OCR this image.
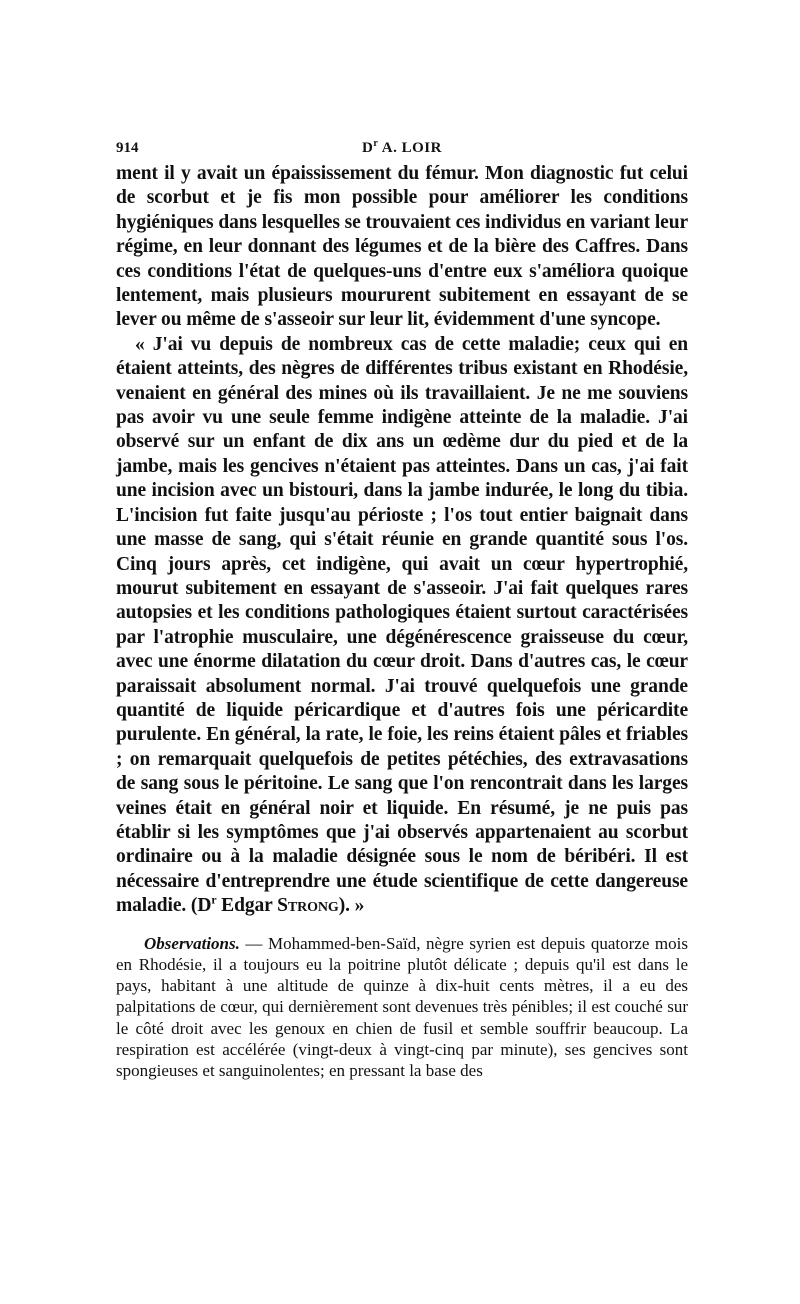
914	$D^r$ A. LOIR

ment il y avait un épaississement du fémur. Mon diagnostic fut celui de scorbut et je fis mon possible pour améliorer les conditions hygiéniques dans lesquelles se trouvaient ces individus en variant leur régime, en leur donnant des légumes et de la bière des Caffres. Dans ces conditions l'état de quelques-uns d'entre eux s'améliora quoique lentement, mais plusieurs moururent subitement en essayant de se lever ou même de s'asseoir sur leur lit, évidemment d'une syncope.

« J'ai vu depuis de nombreux cas de cette maladie; ceux qui en étaient atteints, des nègres de différentes tribus existant en Rhodésie, venaient en général des mines où ils travaillaient. Je ne me souviens pas avoir vu une seule femme indigène atteinte de la maladie. J'ai observé sur un enfant de dix ans un œdème dur du pied et de la jambe, mais les gencives n'étaient pas atteintes. Dans un cas, j'ai fait une incision avec un bistouri, dans la jambe indurée, le long du tibia. L'incision fut faite jusqu'au périoste ; l'os tout entier baignait dans une masse de sang, qui s'était réunie en grande quantité sous l'os. Cinq jours après, cet indigène, qui avait un cœur hypertrophié, mourut subitement en essayant de s'asseoir. J'ai fait quelques rares autopsies et les conditions pathologiques étaient surtout caractérisées par l'atrophie musculaire, une dégénérescence graisseuse du cœur, avec une énorme dilatation du cœur droit. Dans d'autres cas, le cœur paraissait absolument normal. J'ai trouvé quelquefois une grande quantité de liquide péricardique et d'autres fois une péricardite purulente. En général, la rate, le foie, les reins étaient pâles et friables ; on remarquait quelquefois de petites pétéchies, des extravasations de sang sous le péritoine. Le sang que l'on rencontrait dans les larges veines était en général noir et liquide. En résumé, je ne puis pas établir si les symptômes que j'ai observés appartenaient au scorbut ordinaire ou à la maladie désignée sous le nom de béribéri. Il est nécessaire d'entreprendre une étude scientifique de cette dangereuse maladie. ($D^r$ Edgar Strong). »

Observations. — Mohammed-ben-Saïd, nègre syrien est depuis quatorze mois en Rhodésie, il a toujours eu la poitrine plutôt délicate ; depuis qu'il est dans le pays, habitant à une altitude de quinze à dix-huit cents mètres, il a eu des palpitations de cœur, qui dernièrement sont devenues très pénibles; il est couché sur le côté droit avec les genoux en chien de fusil et semble souffrir beaucoup. La respiration est accélérée (vingt-deux à vingt-cinq par minute), ses gencives sont spongieuses et sanguinolentes; en pressant la base des
